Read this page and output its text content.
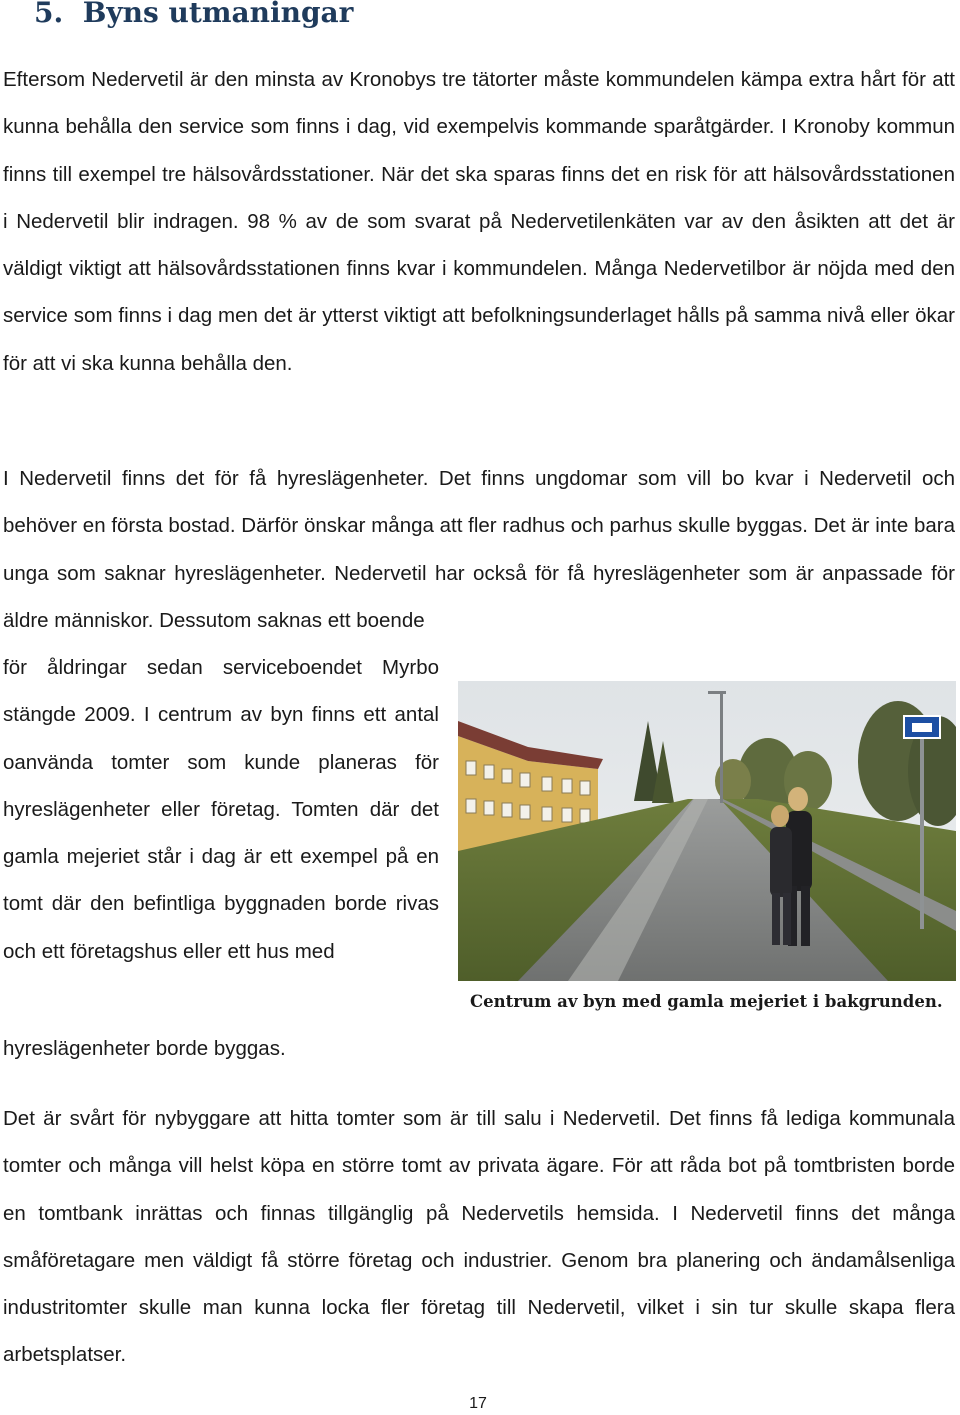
5.  Byns utmaningar

Eftersom Nedervetil är den minsta av Kronobys tre tätorter måste kommundelen kämpa extra hårt för att kunna behålla den service som finns i dag, vid exempelvis kommande sparåtgärder. I Kronoby kommun finns till exempel tre hälsovårdsstationer. När det ska sparas finns det en risk för att hälsovårdsstationen i Nedervetil blir indragen. 98 % av de som svarat på Nedervetilenkäten var av den åsikten att det är väldigt viktigt att hälsovårdsstationen finns kvar i kommundelen. Många Nedervetilbor är nöjda med den service som finns i dag men det är ytterst viktigt att befolkningsunderlaget hålls på samma nivå eller ökar för att vi ska kunna behålla den.

I Nedervetil finns det för få hyreslägenheter. Det finns ungdomar som vill bo kvar i Nedervetil och behöver en första bostad. Därför önskar många att fler radhus och parhus skulle byggas. Det är inte bara unga som saknar hyreslägenheter. Nedervetil har också för få hyreslägenheter som är anpassade för äldre människor. Dessutom saknas ett boende

för åldringar sedan serviceboendet Myrbo stängde 2009. I centrum av byn finns ett antal oanvända tomter som kunde planeras för hyreslägenheter eller företag. Tomten där det gamla mejeriet står i dag är ett exempel på en tomt där den befintliga byggnaden borde rivas och ett företagshus eller ett hus med

hyreslägenheter borde byggas.

Centrum av byn med gamla mejeriet i bakgrunden.

Det är svårt för nybyggare att hitta tomter som är till salu i Nedervetil. Det finns få lediga kommunala tomter och många vill helst köpa en större tomt av privata ägare. För att råda bot på tomtbristen borde en tomtbank inrättas och finnas tillgänglig på Nedervetils hemsida. I Nedervetil finns det många småföretagare men väldigt få större företag och industrier. Genom bra planering och ändamålsenliga industritomter skulle man kunna locka fler företag till Nedervetil, vilket i sin tur skulle skapa flera arbetsplatser.

17
